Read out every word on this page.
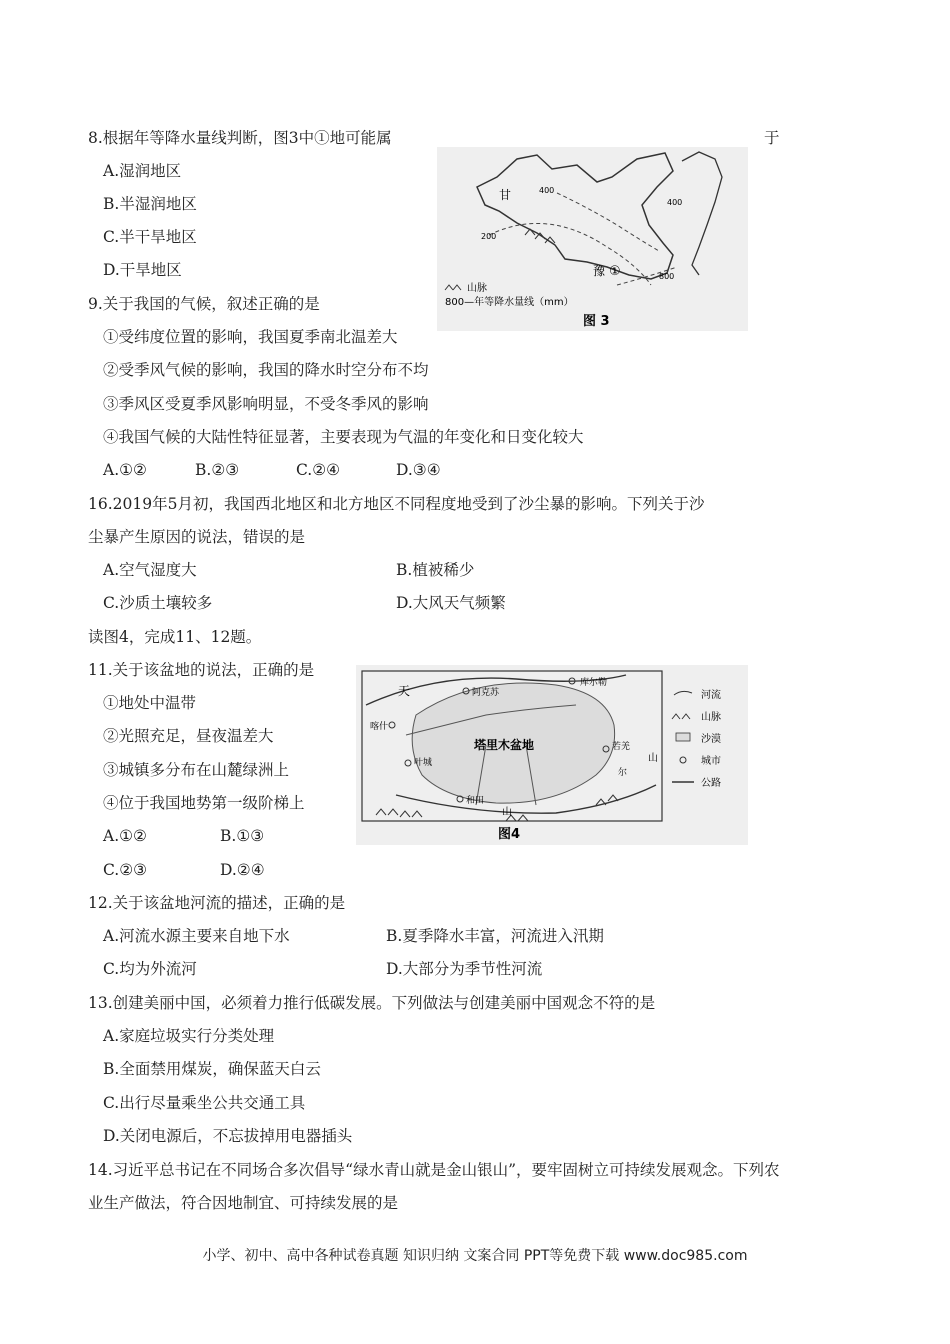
8.根据年等降水量线判断，图3中①地可能属	于
A.湿润地区
B.半湿润地区
C.半干旱地区
D.干旱地区
甘
豫 ①
200
400
400
800
山脉
800—年等降水量线（mm）
图 3
9.关于我国的气候，叙述正确的是
①受纬度位置的影响，我国夏季南北温差大
②受季风气候的影响，我国的降水时空分布不均
③季风区受夏季风影响明显，不受冬季风的影响
④我国气候的大陆性特征显著，主要表现为气温的年变化和日变化较大
A.①②	B.②③	C.②④	D.③④
16.2019年5月初，我国西北地区和北方地区不同程度地受到了沙尘暴的影响。下列关于沙
尘暴产生原因的说法，错误的是
A.空气湿度大	B.植被稀少
C.沙质土壤较多	D.大风天气频繁
读图4，完成11、12题。
11.关于该盆地的说法，正确的是
①地处中温带
②光照充足，昼夜温差大
③城镇多分布在山麓绿洲上
④位于我国地势第一级阶梯上
A.①②	B.①③
C.②③	D.②④
天	阿克苏
库尔勒
喀什
叶城
和田
塔里木盆地	若羌
尔
山
山
河流
山脉
沙漠
城市
公路
图4
12.关于该盆地河流的描述，正确的是
A.河流水源主要来自地下水	B.夏季降水丰富，河流进入汛期
C.均为外流河	D.大部分为季节性河流
13.创建美丽中国，必须着力推行低碳发展。下列做法与创建美丽中国观念不符的是
A.家庭垃圾实行分类处理
B.全面禁用煤炭，确保蓝天白云
C.出行尽量乘坐公共交通工具
D.关闭电源后，不忘拔掉用电器插头
14.习近平总书记在不同场合多次倡导“绿水青山就是金山银山”，要牢固树立可持续发展观念。下列农
业生产做法，符合因地制宜、可持续发展的是
小学、初中、高中各种试卷真题 知识归纳 文案合同 PPT等免费下载 www.doc985.com
